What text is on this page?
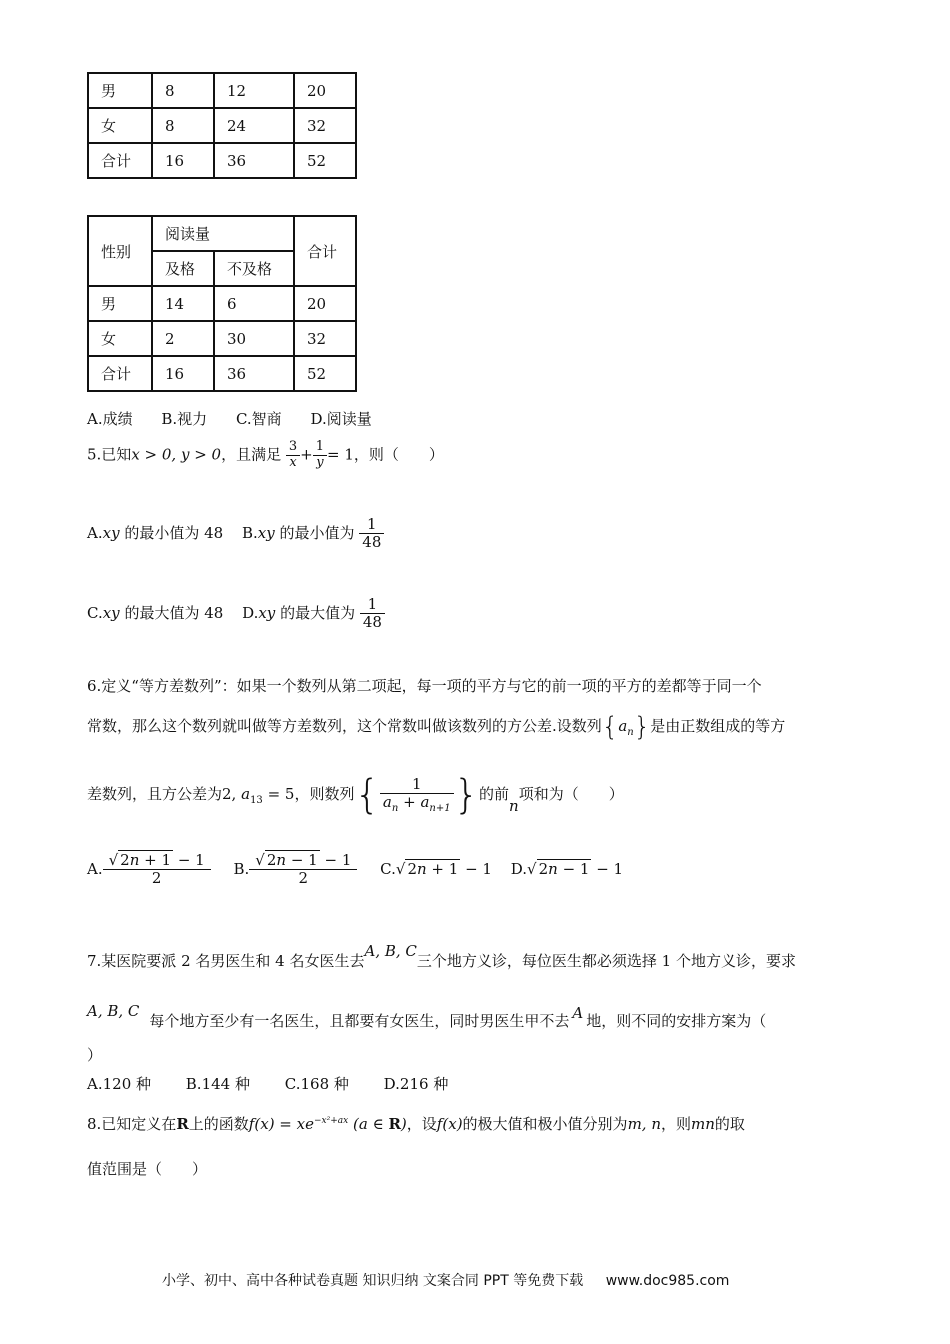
男	8	12	20
女	8	24	32
合计	16	36	52
性别	阅读量		合计
	及格	不及格	
男	14	6	20
女	2	30	32
合计	16	36	52
A.成绩 B.视力 C.智商 D.阅读量
5.已知x > 0, y > 0，且满足 $\frac{3}{x} + \frac{1}{y} = 1$，则（　　）
A.xy 的最小值为 48 B.xy 的最小值为 $\frac{1}{48}$
C.xy 的最大值为 48 D.xy 的最大值为 $\frac{1}{48}$
6.定义“等方差数列”：如果一个数列从第二项起，每一项的平方与它的前一项的平方的差都等于同一个
常数，那么这个数列就叫做等方差数列，这个常数叫做该数列的方公差.设数列$\{a_n\}$是由正数组成的等方
差数列，且方公差为2, $a_{13} = 5$，则数列{ $\frac{1}{a_n + a_{n+1}}$ }的前n项和为（　　）
A. $\frac{√ 2n + 1 - 1}{2} B$. $\frac{√ 2n - 1 - 1}{2} C.√$ 2n + 1 − 1 D.√ 2n − 1 − 1
7.某医院要派 2 名男医生和 4 名女医生去A, B, C三个地方义诊，每位医生都必须选择 1 个地方义诊，要求
A, B, C每个地方至少有一名医生，且都要有女医生，同时男医生甲不去 A 地，则不同的安排方案为（
）
A.120 种 B.144 种 C.168 种 D.216 种
8.已知定义在R上的函数$f(x) = xe^{-x^2+ax}$ (a ∈ R)，设f(x)的极大值和极小值分别为m, n，则mn的取
值范围是（　　）
小学、初中、高中各种试卷真题 知识归纳 文案合同 PPT 等免费下载 www.doc985.com
